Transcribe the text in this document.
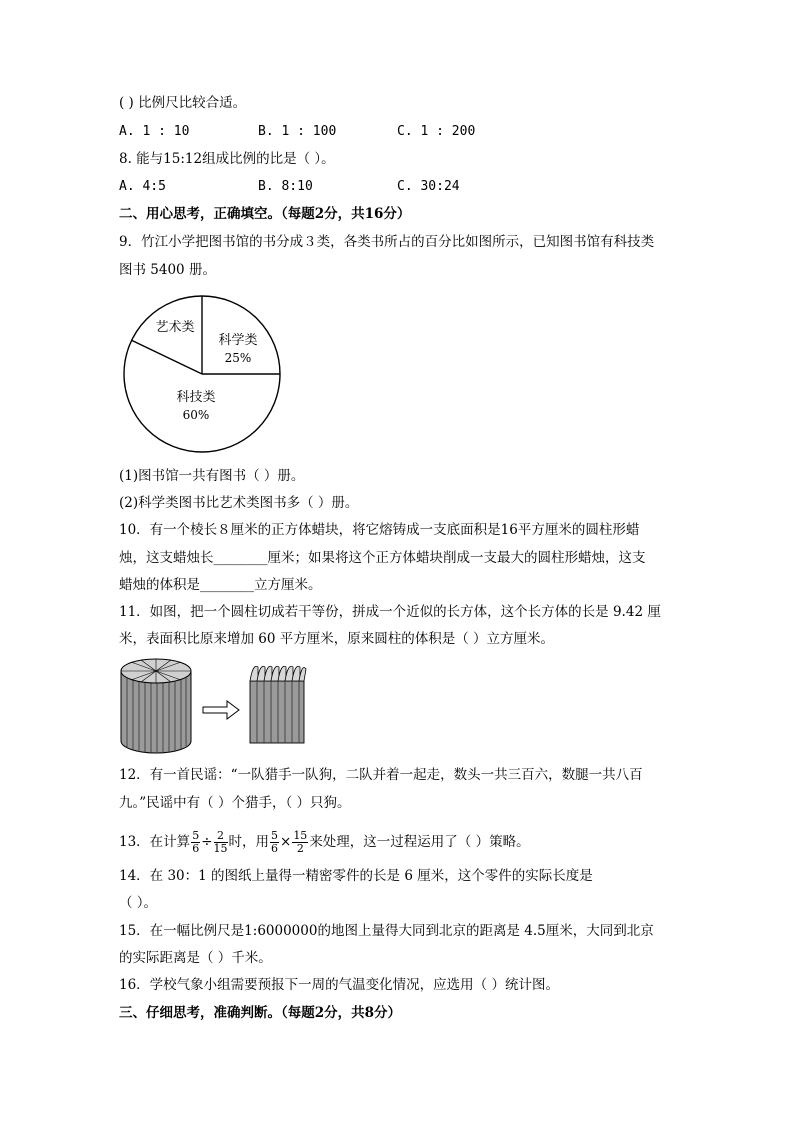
( ) 比例尺比较合适。
A. 1 : 10	B. 1 : 100	C. 1 : 200
8. 能与15:12组成比例的比是（ ）。
A. 4:5	B. 8:10	C. 30:24
二、用心思考，正确填空。（每题2分，共16分）
9．竹江小学把图书馆的书分成３类，各类书所占的百分比如图所示，已知图书馆有科技类
图书 5400 册。
艺术类
科学类
25%
科技类
60%
(1)图书馆一共有图书（ ）册。
(2)科学类图书比艺术类图书多（ ）册。
10．有一个棱长８厘米的正方体蜡块，将它熔铸成一支底面积是16平方厘米的圆柱形蜡
烛，这支蜡烛长________厘米；如果将这个正方体蜡块削成一支最大的圆柱形蜡烛，这支
蜡烛的体积是________立方厘米。
11．如图，把一个圆柱切成若干等份，拼成一个近似的长方体，这个长方体的长是 9.42 厘
米，表面积比原来增加 60 平方厘米，原来圆柱的体积是（ ）立方厘米。
12．有一首民谣：“一队猎手一队狗，二队并着一起走，数头一共三百六，数腿一共八百
九。”民谣中有（ ）个猎手，（ ）只狗。
13．在计算 $\frac{5}{6} \div \frac{2}{15}$ 时，用 $\frac{5}{6} \times \frac{15}{2}$ 来处理，这一过程运用了（ ）策略。
14．在 30：1 的图纸上量得一精密零件的长是 6 厘米，这个零件的实际长度是
（ ）。
15．在一幅比例尺是1:6000000的地图上量得大同到北京的距离是 4.5厘米，大同到北京
的实际距离是（ ）千米。
16．学校气象小组需要预报下一周的气温变化情况，应选用（ ）统计图。
三、仔细思考，准确判断。（每题2分，共8分）
